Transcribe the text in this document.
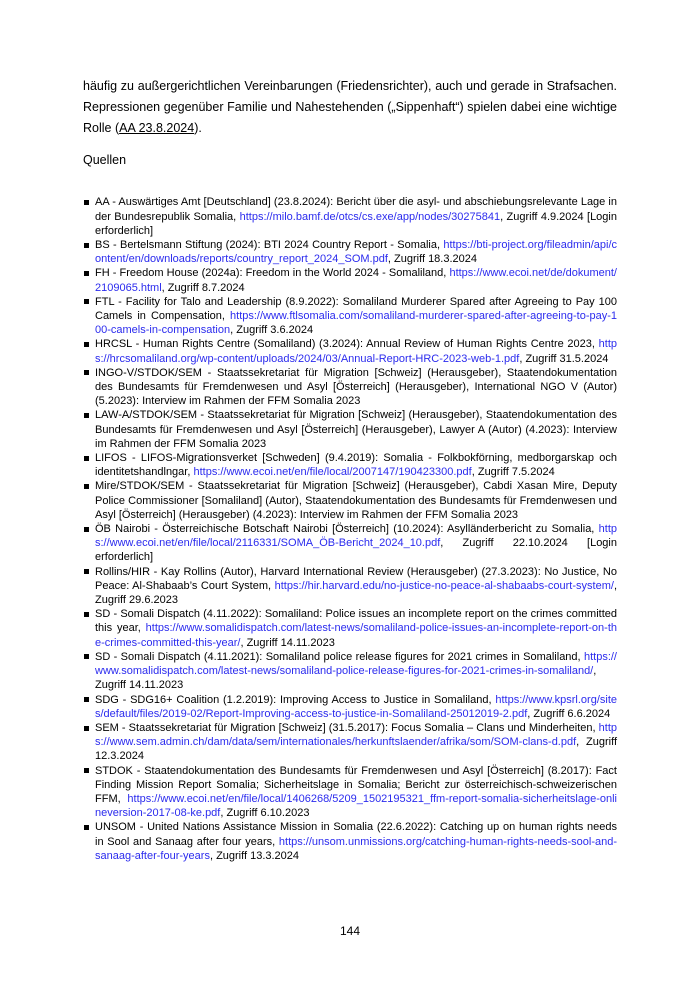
häufig zu außergerichtlichen Vereinbarungen (Friedensrichter), auch und gerade in Strafsachen. Repressionen gegenüber Familie und Nahestehenden („Sippenhaft“) spielen dabei eine wichtige Rolle (AA 23.8.2024).

Quellen
AA - Auswärtiges Amt [Deutschland] (23.8.2024): Bericht über die asyl- und abschiebungsrelevante Lage in der Bundesrepublik Somalia, https://milo.bamf.de/otcs/cs.exe/app/nodes/30275841, Zugriff 4.9.2024 [Login erforderlich]
BS - Bertelsmann Stiftung (2024): BTI 2024 Country Report - Somalia, https://bti-project.org/fileadmin/api/content/en/downloads/reports/country_report_2024_SOM.pdf, Zugriff 18.3.2024
FH - Freedom House (2024a): Freedom in the World 2024 - Somaliland, https://www.ecoi.net/de/dokument/2109065.html, Zugriff 8.7.2024
FTL - Facility for Talo and Leadership (8.9.2022): Somaliland Murderer Spared after Agreeing to Pay 100 Camels in Compensation, https://www.ftlsomalia.com/somaliland-murderer-spared-after-agreeing-to-pay-100-camels-in-compensation, Zugriff 3.6.2024
HRCSL - Human Rights Centre (Somaliland) (3.2024): Annual Review of Human Rights Centre 2023, https://hrcsomaliland.org/wp-content/uploads/2024/03/Annual-Report-HRC-2023-web-1.pdf, Zugriff 31.5.2024
INGO-V/STDOK/SEM - Staatssekretariat für Migration [Schweiz] (Herausgeber), Staatendokumentation des Bundesamts für Fremdenwesen und Asyl [Österreich] (Herausgeber), International NGO V (Autor) (5.2023): Interview im Rahmen der FFM Somalia 2023
LAW-A/STDOK/SEM - Staatssekretariat für Migration [Schweiz] (Herausgeber), Staatendokumentation des Bundesamts für Fremdenwesen und Asyl [Österreich] (Herausgeber), Lawyer A (Autor) (4.2023): Interview im Rahmen der FFM Somalia 2023
LIFOS - LIFOS-Migrationsverket [Schweden] (9.4.2019): Somalia - Folkbokförning, medborgarskap och identitetshandlngar, https://www.ecoi.net/en/file/local/2007147/190423300.pdf, Zugriff 7.5.2024
Mire/STDOK/SEM - Staatssekretariat für Migration [Schweiz] (Herausgeber), Cabdi Xasan Mire, Deputy Police Commissioner [Somaliland] (Autor), Staatendokumentation des Bundesamts für Fremdenwesen und Asyl [Österreich] (Herausgeber) (4.2023): Interview im Rahmen der FFM Somalia 2023
ÖB Nairobi - Österreichische Botschaft Nairobi [Österreich] (10.2024): Asylländerbericht zu Somalia, https://www.ecoi.net/en/file/local/2116331/SOMA_ÖB-Bericht_2024_10.pdf, Zugriff 22.10.2024 [Login erforderlich]
Rollins/HIR - Kay Rollins (Autor), Harvard International Review (Herausgeber) (27.3.2023): No Justice, No Peace: Al-Shabaab’s Court System, https://hir.harvard.edu/no-justice-no-peace-al-shabaabs-court-system/, Zugriff 29.6.2023
SD - Somali Dispatch (4.11.2022): Somaliland: Police issues an incomplete report on the crimes committed this year, https://www.somalidispatch.com/latest-news/somaliland-police-issues-an-incomplete-report-on-the-crimes-committed-this-year/, Zugriff 14.11.2023
SD - Somali Dispatch (4.11.2021): Somaliland police release figures for 2021 crimes in Somaliland, https://www.somalidispatch.com/latest-news/somaliland-police-release-figures-for-2021-crimes-in-somaliland/, Zugriff 14.11.2023
SDG - SDG16+ Coalition (1.2.2019): Improving Access to Justice in Somaliland, https://www.kpsrl.org/sites/default/files/2019-02/Report-Improving-access-to-justice-in-Somaliland-25012019-2.pdf, Zugriff 6.6.2024
SEM - Staatssekretariat für Migration [Schweiz] (31.5.2017): Focus Somalia – Clans und Minderheiten, https://www.sem.admin.ch/dam/data/sem/internationales/herkunftslaender/afrika/som/SOM-clans-d.pdf, Zugriff 12.3.2024
STDOK - Staatendokumentation des Bundesamts für Fremdenwesen und Asyl [Österreich] (8.2017): Fact Finding Mission Report Somalia; Sicherheitslage in Somalia; Bericht zur österreichisch-schweizerischen FFM, https://www.ecoi.net/en/file/local/1406268/5209_1502195321_ffm-report-somalia-sicherheitslage-onlineversion-2017-08-ke.pdf, Zugriff 6.10.2023
UNSOM - United Nations Assistance Mission in Somalia (22.6.2022): Catching up on human rights needs in Sool and Sanaag after four years, https://unsom.unmissions.org/catching-human-rights-needs-sool-and-sanaag-after-four-years, Zugriff 13.3.2024
144
